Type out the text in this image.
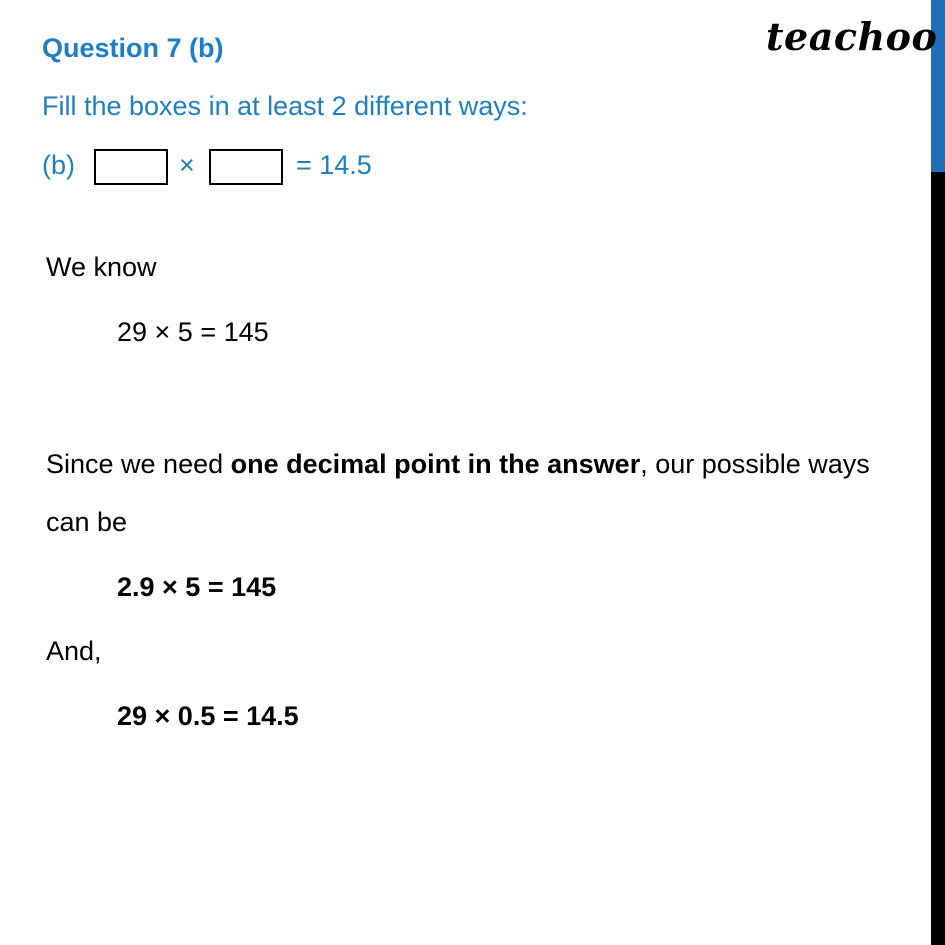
teachoo
Question 7 (b)
Fill the boxes in at least 2 different ways:
(b)	×	= 14.5
We know
29 × 5 = 145
Since we need one decimal point in the answer, our possible ways
can be
2.9 × 5 = 145
And,
29 × 0.5 = 14.5
